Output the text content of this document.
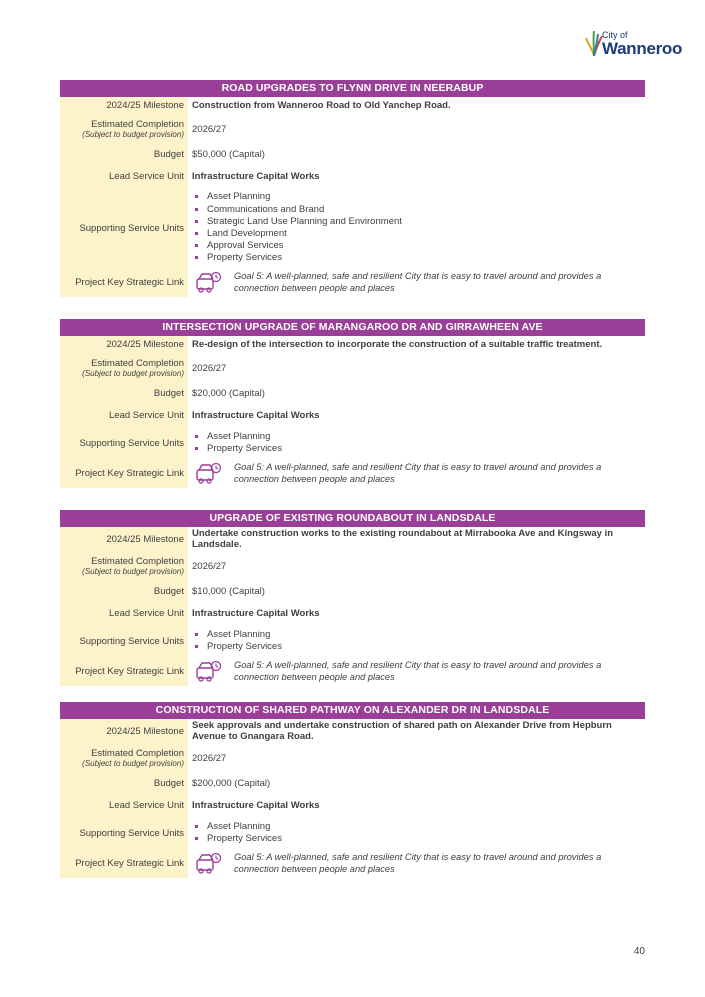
City of
Wanneroo
ROAD UPGRADES TO FLYNN DRIVE IN NEERABUP
2024/25 Milestone Construction from Wanneroo Road to Old Yanchep Road.
Estimated Completion
(Subject to budget provision) 2026/27
Budget $50,000 (Capital)
Lead Service Unit Infrastructure Capital Works
Supporting Service Units
Asset Planning
Communications and Brand
Strategic Land Use Planning and Environment
Land Development
Approval Services
Property Services
Project Key Strategic Link
Goal 5: A well-planned, safe and resilient City that is easy to travel around and provides a connection between people and places
INTERSECTION UPGRADE OF MARANGAROO DR AND GIRRAWHEEN AVE
2024/25 Milestone Re-design of the intersection to incorporate the construction of a suitable traffic treatment.
Estimated Completion
(Subject to budget provision) 2026/27
Budget $20,000 (Capital)
Lead Service Unit Infrastructure Capital Works
Supporting Service Units
Asset Planning
Property Services
Project Key Strategic Link
Goal 5: A well-planned, safe and resilient City that is easy to travel around and provides a connection between people and places
UPGRADE OF EXISTING ROUNDABOUT IN LANDSDALE
2024/25 Milestone Undertake construction works to the existing roundabout at Mirrabooka Ave and Kingsway in Landsdale.
Estimated Completion
(Subject to budget provision) 2026/27
Budget $10,000 (Capital)
Lead Service Unit Infrastructure Capital Works
Supporting Service Units
Asset Planning
Property Services
Project Key Strategic Link
Goal 5: A well-planned, safe and resilient City that is easy to travel around and provides a connection between people and places
CONSTRUCTION OF SHARED PATHWAY ON ALEXANDER DR IN LANDSDALE
2024/25 Milestone Seek approvals and undertake construction of shared path on Alexander Drive from Hepburn Avenue to Gnangara Road.
Estimated Completion
(Subject to budget provision) 2026/27
Budget $200,000 (Capital)
Lead Service Unit Infrastructure Capital Works
Supporting Service Units
Asset Planning
Property Services
Project Key Strategic Link
Goal 5: A well-planned, safe and resilient City that is easy to travel around and provides a connection between people and places
40
